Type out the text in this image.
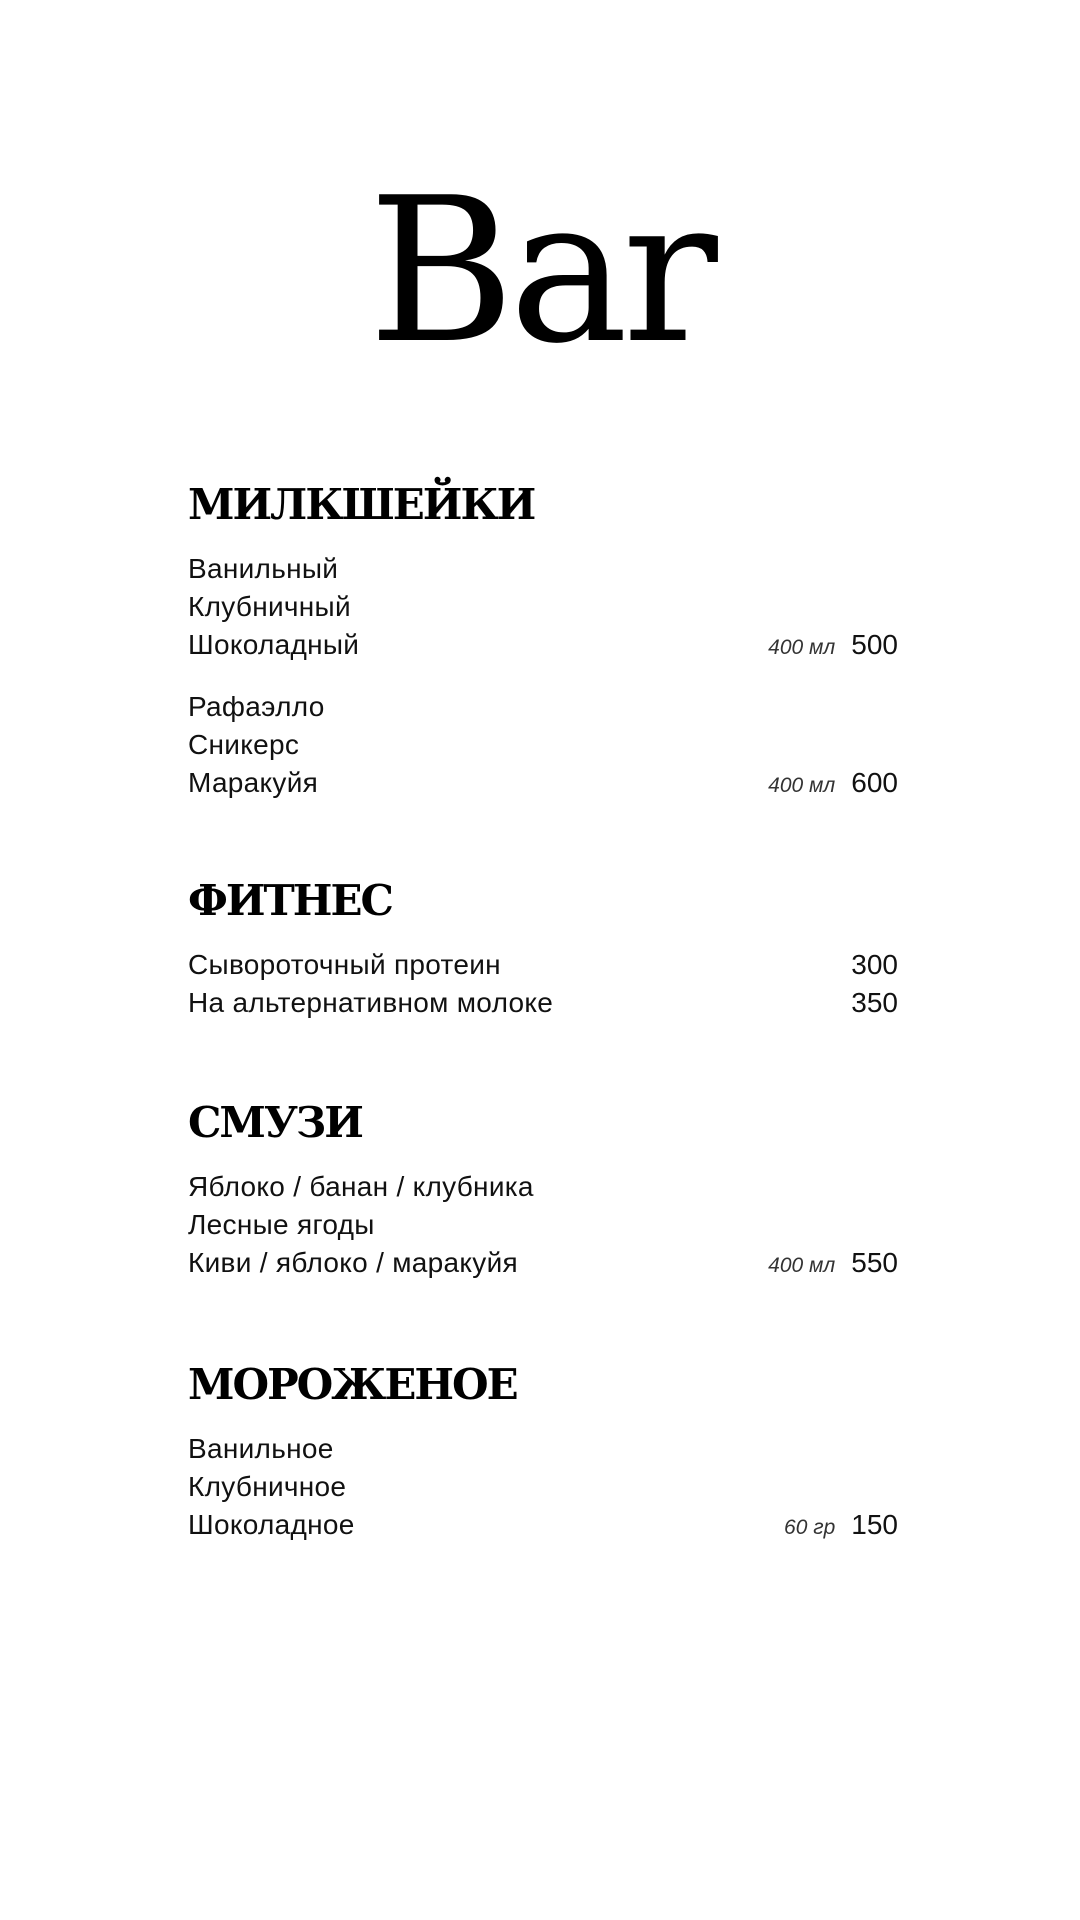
Bar
МИЛКШЕЙКИ
Ванильный
Клубничный
Шоколадный	400 мл 500
Рафаэлло
Сникерс
Маракуйя	400 мл 600
ФИТНЕС
Сывороточный протеин	300
На альтернативном молоке	350
СМУЗИ
Яблоко / банан / клубника
Лесные ягоды
Киви / яблоко / маракуйя	400 мл 550
МОРОЖЕНОЕ
Ванильное
Клубничное
Шоколадное	60 гр 150
